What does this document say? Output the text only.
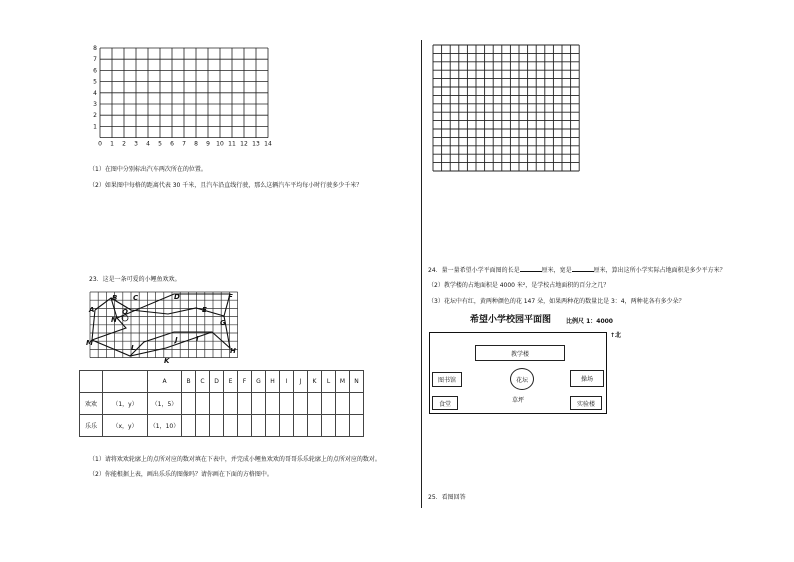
0 1 2 3 4 5 6 7 8 9 10 11 12 13 14
1
2
3
4
5
6
7
8
（1）在图中分别标出汽车两次所在的位置。
（2）如果图中每格的距离代表 30 千米，且汽车沿直线行驶，那么这辆汽车平均每小时行驶多少千米？
23．这是一条可爱的小鲤鱼欢欢。
A
B C	D
E
F
G
H
I
J
K
L
M
N
O
		A	B	C	D	E	F	G	H	I	J	K	L	M	N
欢欢	（1，y）	（1，5）													
乐乐	（x，y）	（1，10）													
（1）请将欢欢轮廓上的点所对应的数对填在下表中，并完成小鲤鱼欢欢的哥哥乐乐轮廓上的点所对应的数对。
（2）你能根据上表，画出乐乐的图像吗？请你画在下面的方格图中。
24．量一量希望小学平面图的长是	厘米，宽是	厘米，算出这所小学实际占地面积是多少平方米？
（2）教学楼的占地面积是 4000 米²，是学校占地面积的百分之几？
（3）花坛中有红，黄两种颜色的花 147 朵，如果两种花的数量比是 3：4，两种花各有多少朵？
希望小学校园平面图 比例尺 1：4000
↑北
教学楼
图书馆	花坛	操场
食堂	草坪	实验楼
25．看图回答
